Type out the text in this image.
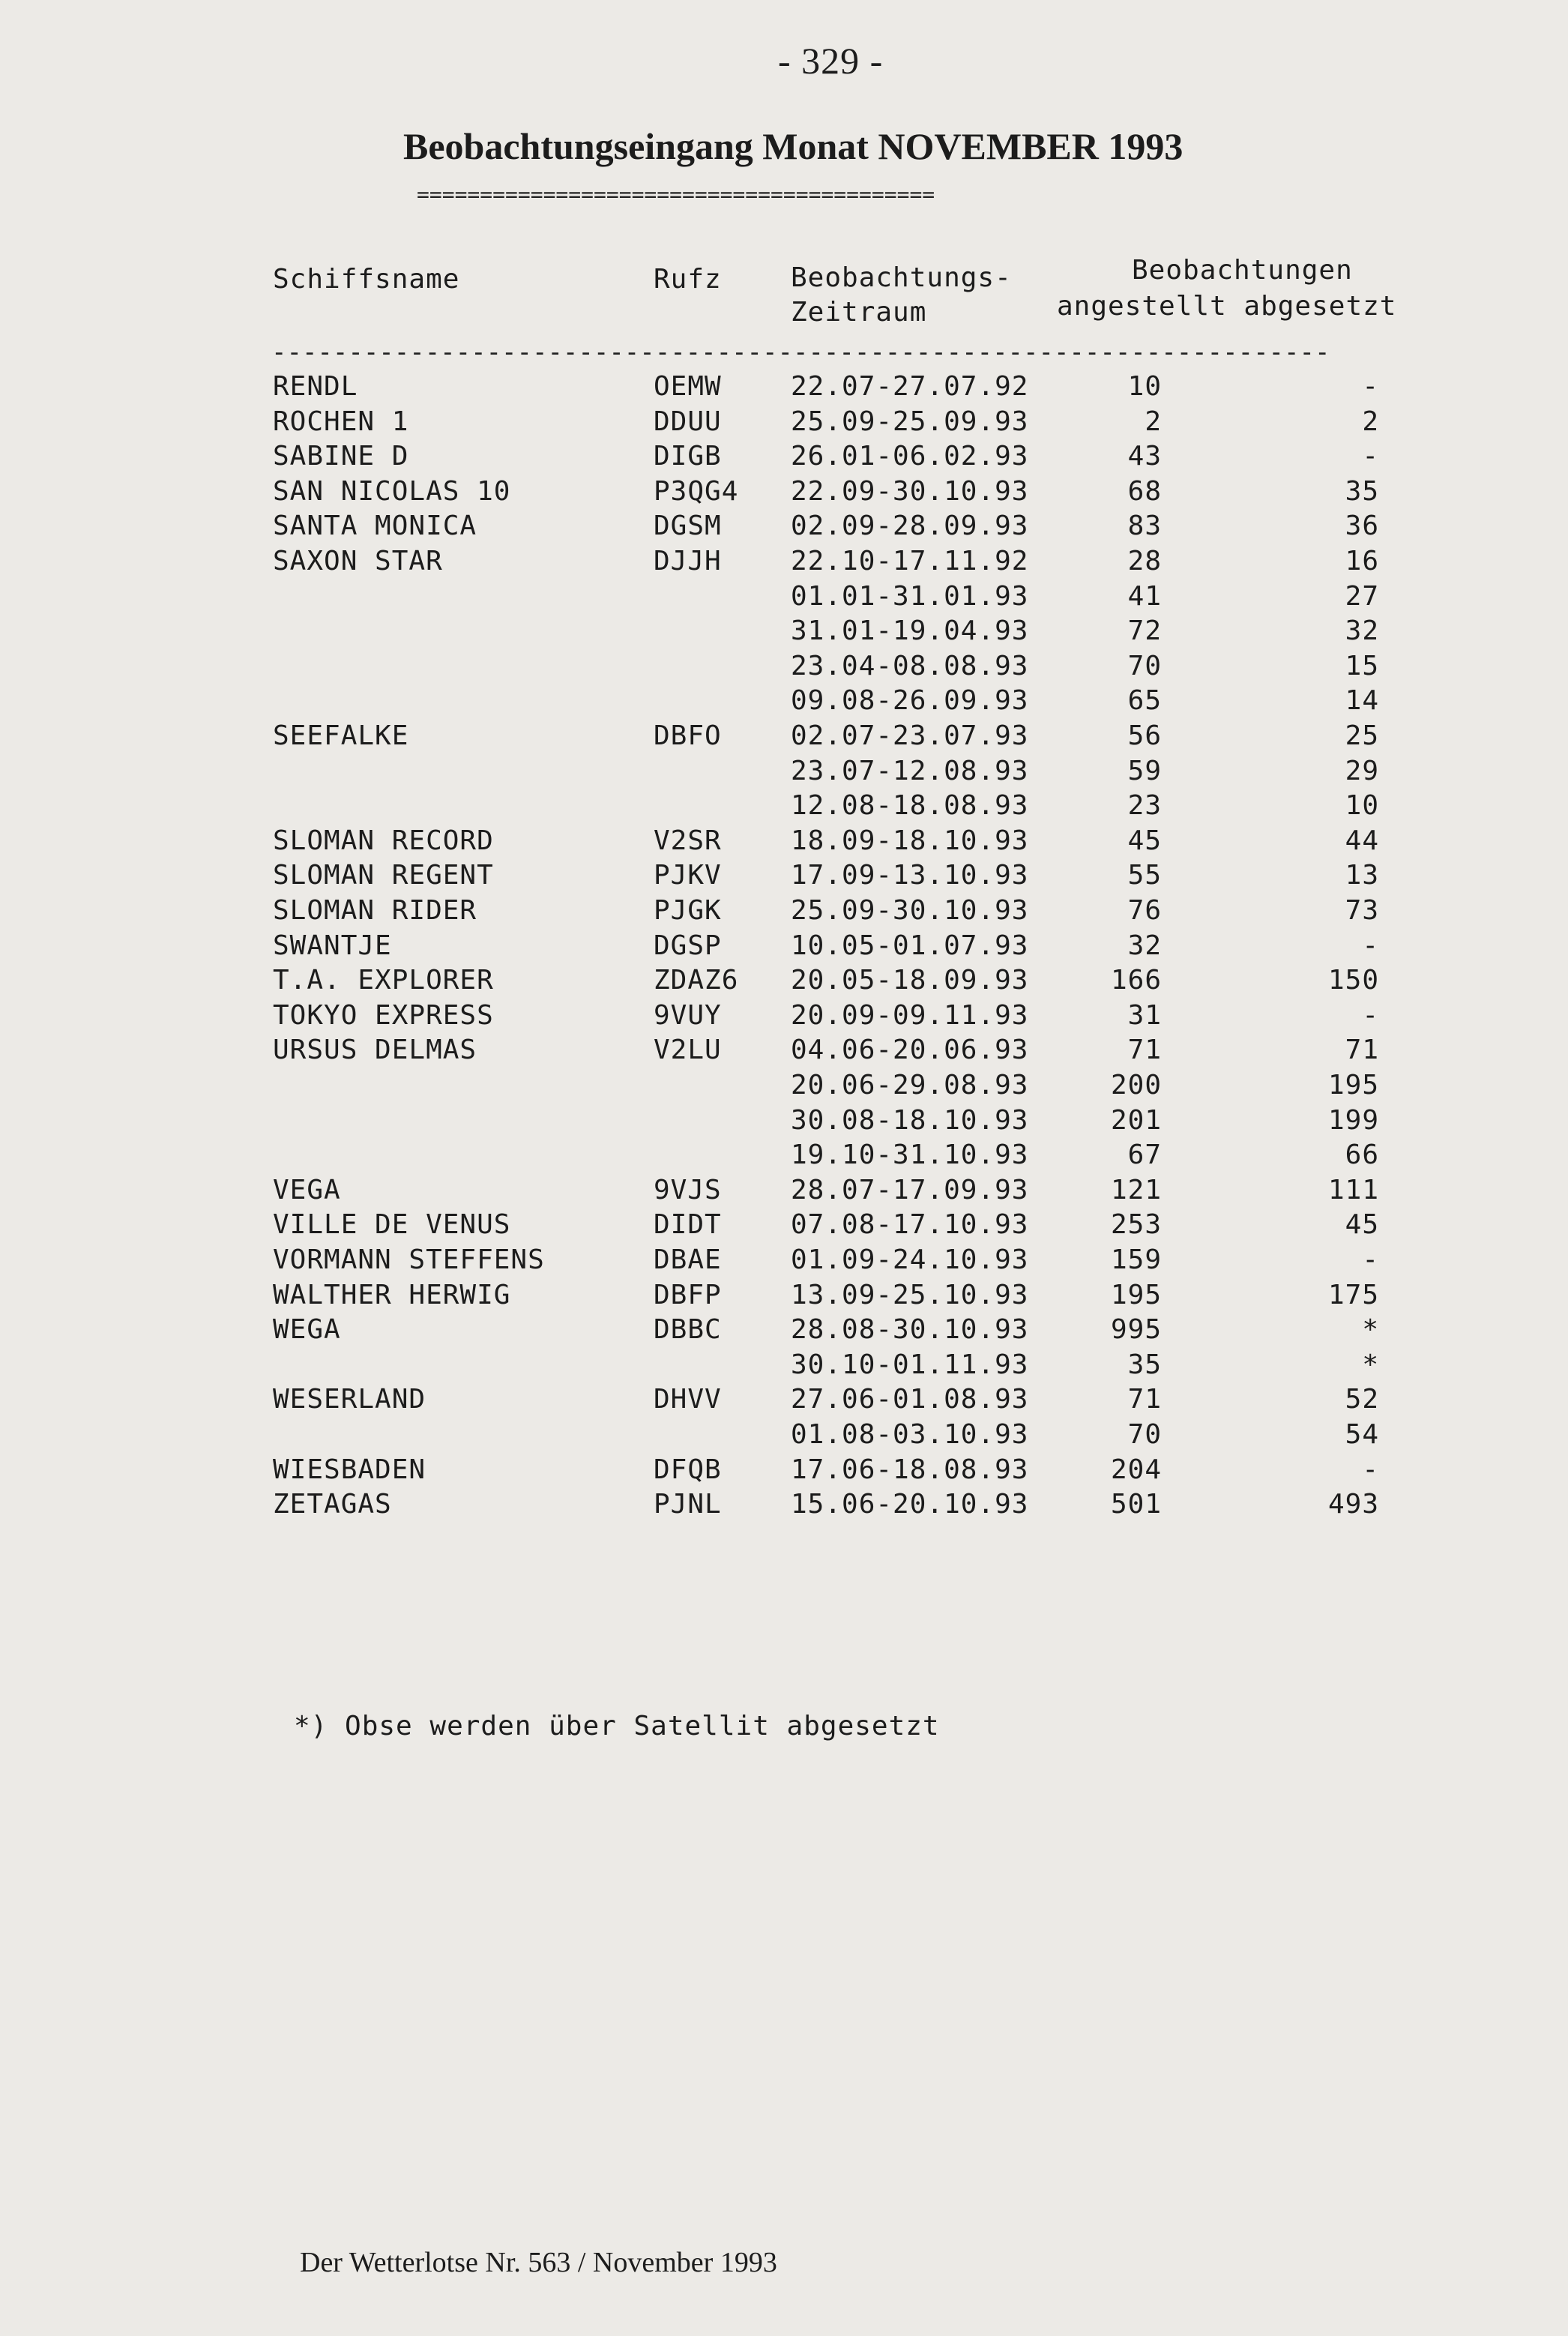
- 329 -
Beobachtungseingang Monat NOVEMBER 1993
=========================================
Schiffsname	Rufz	Beobachtungs-
Zeitraum
Beobachtungen
angestellt abgesetzt
---------------------------------------------------------------------
RENDL	OEMW	22.07-27.07.92	10	-
ROCHEN 1	DDUU	25.09-25.09.93	2	2
SABINE D	DIGB	26.01-06.02.93	43	-
SAN NICOLAS 10	P3QG4 22.09-30.10.93	68	35
SANTA MONICA	DGSM	02.09-28.09.93	83	36
SAXON STAR	DJJH	22.10-17.11.92	28	16
01.01-31.01.93	41	27
31.01-19.04.93	72	32
23.04-08.08.93	70	15
09.08-26.09.93	65	14
SEEFALKE	DBFO	02.07-23.07.93	56	25
23.07-12.08.93	59	29
12.08-18.08.93	23	10
SLOMAN RECORD	V2SR	18.09-18.10.93	45	44
SLOMAN REGENT	PJKV	17.09-13.10.93	55	13
SLOMAN RIDER	PJGK	25.09-30.10.93	76	73
SWANTJE	DGSP	10.05-01.07.93	32	-
T.A. EXPLORER	ZDAZ6 20.05-18.09.93	166	150
TOKYO EXPRESS	9VUY	20.09-09.11.93	31	-
URSUS DELMAS	V2LU	04.06-20.06.93	71	71
20.06-29.08.93	200	195
30.08-18.10.93	201	199
19.10-31.10.93	67	66
VEGA	9VJS	28.07-17.09.93	121	111
VILLE DE VENUS	DIDT	07.08-17.10.93	253	45
VORMANN STEFFENS	DBAE	01.09-24.10.93	159	-
WALTHER HERWIG	DBFP	13.09-25.10.93	195	175
WEGA	DBBC	28.08-30.10.93	995	*
30.10-01.11.93	35	*
WESERLAND	DHVV	27.06-01.08.93	71	52
01.08-03.10.93	70	54
WIESBADEN	DFQB	17.06-18.08.93	204	-
ZETAGAS	PJNL	15.06-20.10.93	501	493
*) Obse werden über Satellit abgesetzt
Der Wetterlotse Nr. 563 / November 1993
